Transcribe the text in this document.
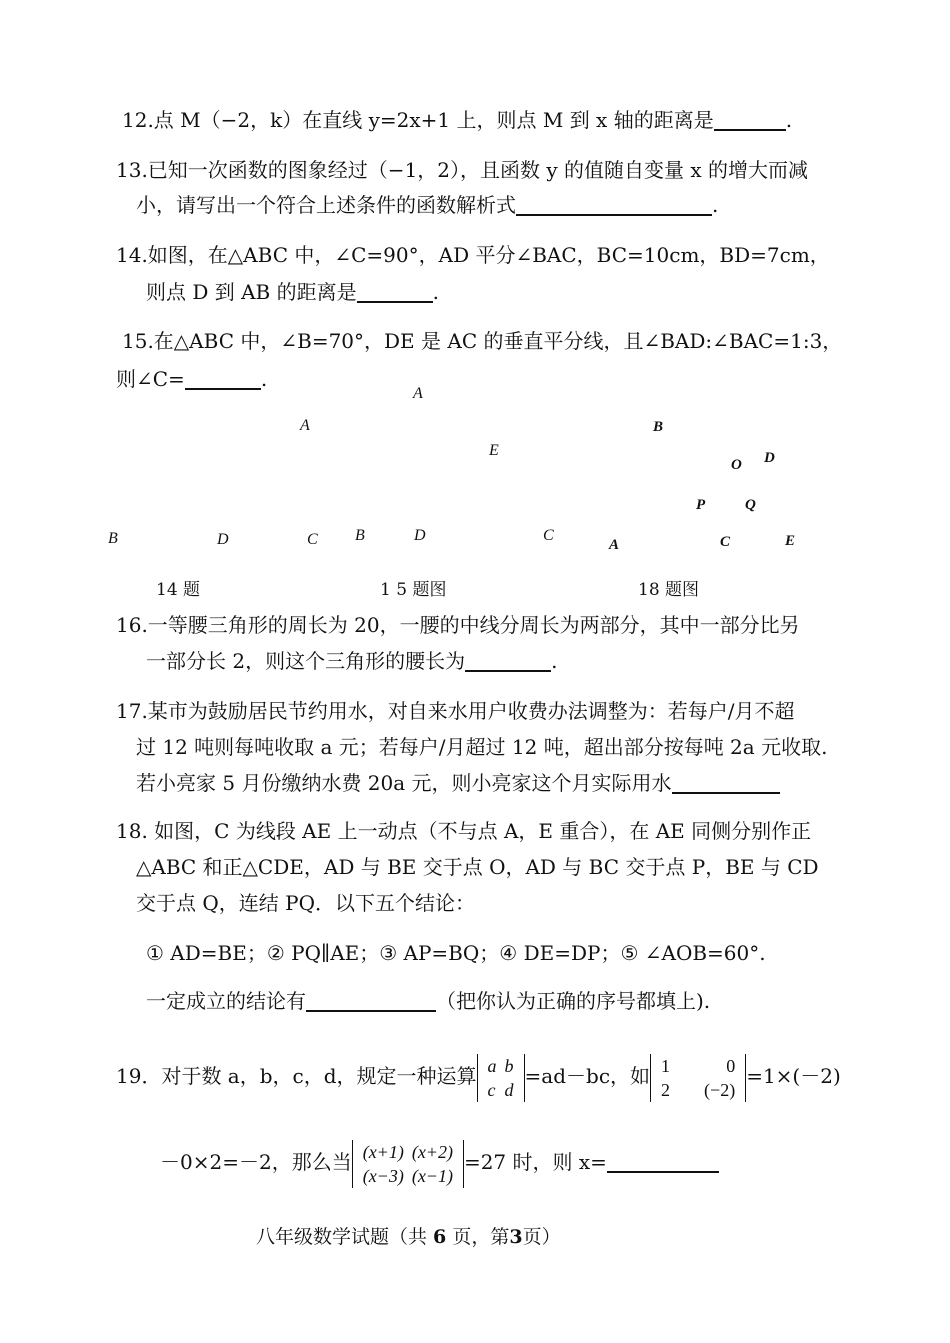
12.点 M（−2，k）在直线 y=2x+1 上，则点 M 到 x 轴的距离是	.
13.已知一次函数的图象经过（−1，2），且函数 y 的值随自变量 x 的增大而减
小，请写出一个符合上述条件的函数解析式	.
14.如图，在△ABC 中，∠C=90°，AD 平分∠BAC，BC=10cm，BD=7cm，
则点 D 到 AB 的距离是	.
15.在△ABC 中，∠B=70°，DE 是 AC 的垂直平分线，且∠BAD:∠BAC=1:3，
则∠C=	.
A
B	D	C
14 题
A
E
B	D	C
1 5 题图
B
O D
P	Q
A	C	E
18 题图
16.一等腰三角形的周长为 20，一腰的中线分周长为两部分，其中一部分比另
一部分长 2，则这个三角形的腰长为	.
17.某市为鼓励居民节约用水，对自来水用户收费办法调整为：若每户/月不超
过 12 吨则每吨收取 a 元；若每户/月超过 12 吨，超出部分按每吨 2a 元收取.
若小亮家 5 月份缴纳水费 20a 元，则小亮家这个月实际用水
18. 如图，C 为线段 AE 上一动点（不与点 A，E 重合），在 AE 同侧分别作正
△ABC 和正△CDE，AD 与 BE 交于点 O，AD 与 BC 交于点 P，BE 与 CD
交于点 Q，连结 PQ．以下五个结论：
① AD=BE；② PQ∥AE；③ AP=BQ；④ DE=DP；⑤ ∠AOB=60°.
一定成立的结论有	（把你认为正确的序号都填上).
19．对于数 a，b，c，d，规定一种运算 a	b
c	d
=ad－bc，如 1	0
2	(−2)
=1×(－2)
－0×2=－2，那么当 (x+1)	(x+2)
(x−3)	(x−1)
=27 时，则 x=
八年级数学试题（共 6 页，第3页）
